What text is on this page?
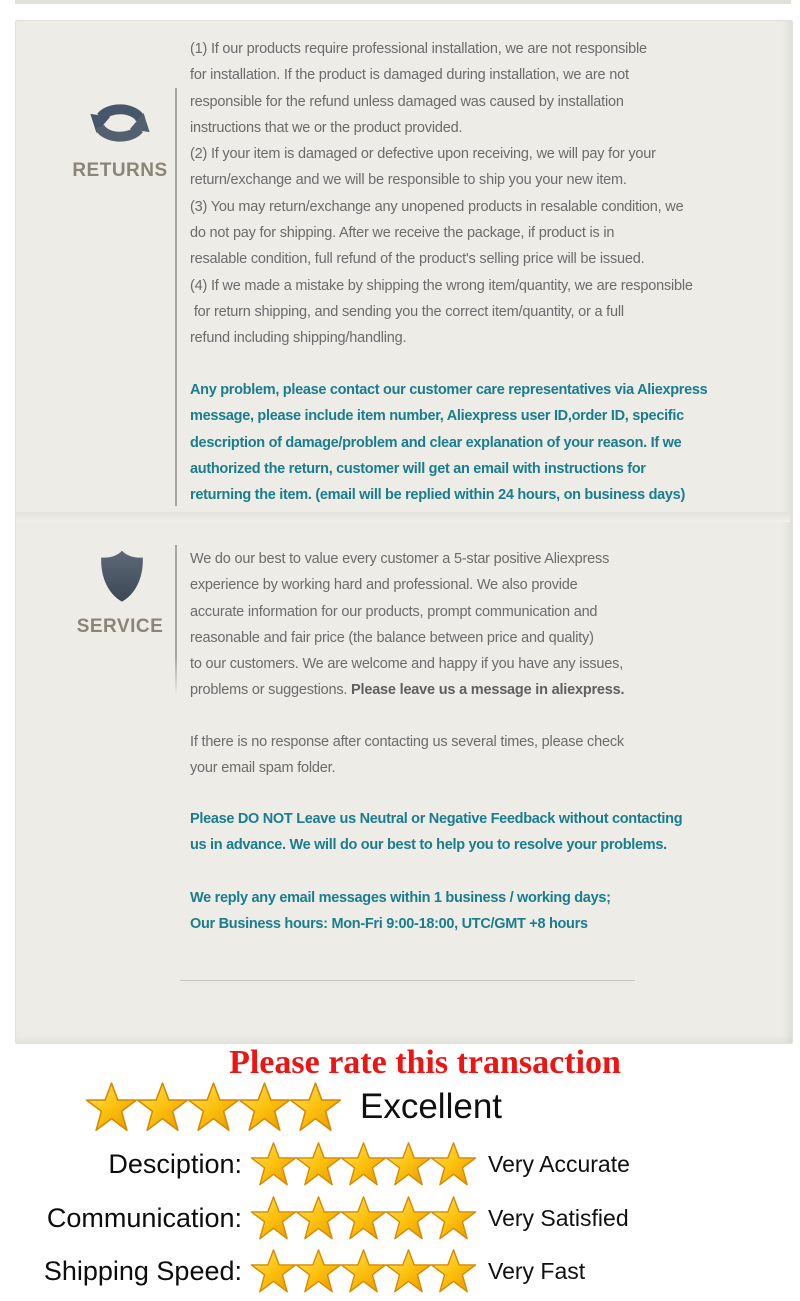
RETURNS
(1) If our products require professional installation, we are not responsible
for installation. If the product is damaged during installation, we are not
responsible for the refund unless damaged was caused by installation
instructions that we or the product provided.
(2) If your item is damaged or defective upon receiving, we will pay for your
return/exchange and we will be responsible to ship you your new item.
(3) You may return/exchange any unopened products in resalable condition, we
do not pay for shipping. After we receive the package, if product is in
resalable condition, full refund of the product's selling price will be issued.
(4) If we made a mistake by shipping the wrong item/quantity, we are responsible
for return shipping, and sending you the correct item/quantity, or a full
refund including shipping/handling.
Any problem, please contact our customer care representatives via Aliexpress
message, please include item number, Aliexpress user ID,order ID, specific
description of damage/problem and clear explanation of your reason. If we
authorized the return, customer will get an email with instructions for
returning the item. (email will be replied within 24 hours, on business days)
SERVICE
We do our best to value every customer a 5-star positive Aliexpress
experience by working hard and professional. We also provide
accurate information for our products, prompt communication and
reasonable and fair price (the balance between price and quality)
to our customers. We are welcome and happy if you have any issues,
problems or suggestions. Please leave us a message in aliexpress.
If there is no response after contacting us several times, please check
your email spam folder.
Please DO NOT Leave us Neutral or Negative Feedback without contacting
us in advance. We will do our best to help you to resolve your problems.
We reply any email messages within 1 business / working days;
Our Business hours: Mon-Fri 9:00-18:00, UTC/GMT +8 hours
Please rate this transaction
Excellent
Desciption:	Very Accurate
Communication:	Very Satisfied
Shipping Speed:	Very Fast
